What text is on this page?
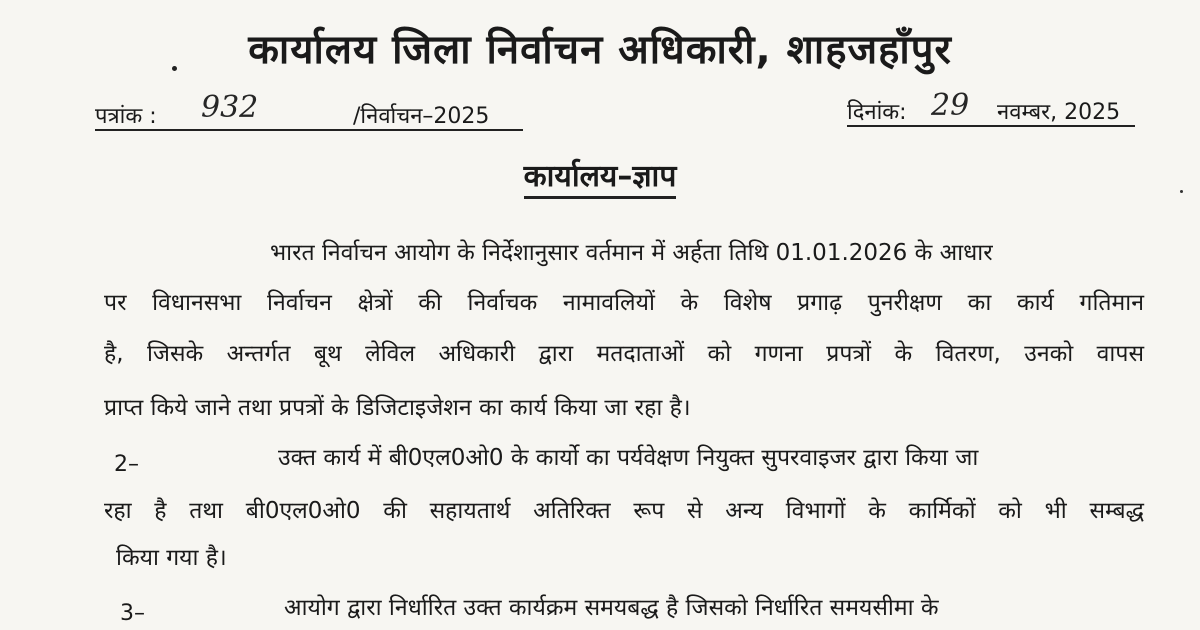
कार्यालय जिला निर्वाचन अधिकारी, शाहजहाँपुर
पत्रांक : 932	/निर्वाचन–2025	दिनांक: 29 नवम्बर, 2025
कार्यालय–ज्ञाप
भारत निर्वाचन आयोग के निर्देशानुसार वर्तमान में अर्हता तिथि 01.01.2026 के आधार
पर विधानसभा निर्वाचन क्षेत्रों की निर्वाचक नामावलियों के विशेष प्रगाढ़ पुनरीक्षण का कार्य गतिमान
है, जिसके अन्तर्गत बूथ लेविल अधिकारी द्वारा मतदाताओं को गणना प्रपत्रों के वितरण, उनको वापस
प्राप्त किये जाने तथा प्रपत्रों के डिजिटाइजेशन का कार्य किया जा रहा है।
2–	उक्त कार्य में बी0एल0ओ0 के कार्यो का पर्यवेक्षण नियुक्त सुपरवाइजर द्वारा किया जा
रहा है तथा बी0एल0ओ0 की सहायतार्थ अतिरिक्त रूप से अन्य विभागों के कार्मिकों को भी सम्बद्ध
किया गया है।
3–	आयोग द्वारा निर्धारित उक्त कार्यक्रम समयबद्ध है जिसको निर्धारित समयसीमा के
